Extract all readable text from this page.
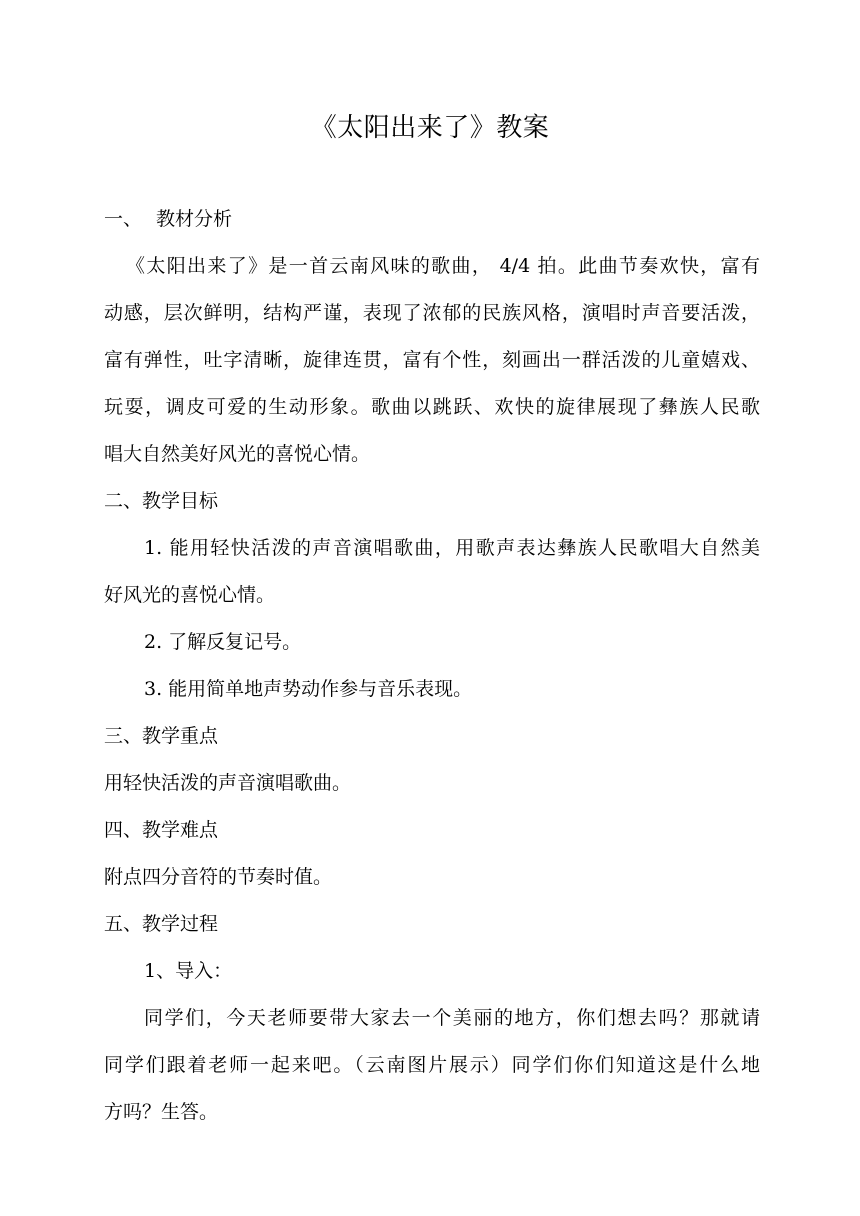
《太阳出来了》教案
一、 教材分析
《太阳出来了》是一首云南风味的歌曲， 4/4 拍。此曲节奏欢快，富有
动感，层次鲜明，结构严谨，表现了浓郁的民族风格，演唱时声音要活泼，
富有弹性，吐字清晰，旋律连贯，富有个性，刻画出一群活泼的儿童嬉戏、
玩耍，调皮可爱的生动形象。歌曲以跳跃、欢快的旋律展现了彝族人民歌
唱大自然美好风光的喜悦心情。
二、教学目标
1. 能用轻快活泼的声音演唱歌曲，用歌声表达彝族人民歌唱大自然美
好风光的喜悦心情。
2. 了解反复记号。
3. 能用简单地声势动作参与音乐表现。
三、教学重点
用轻快活泼的声音演唱歌曲。
四、教学难点
附点四分音符的节奏时值。
五、教学过程
1、导入：
同学们，今天老师要带大家去一个美丽的地方，你们想去吗？那就请
同学们跟着老师一起来吧。（云南图片展示）同学们你们知道这是什么地
方吗？生答。
